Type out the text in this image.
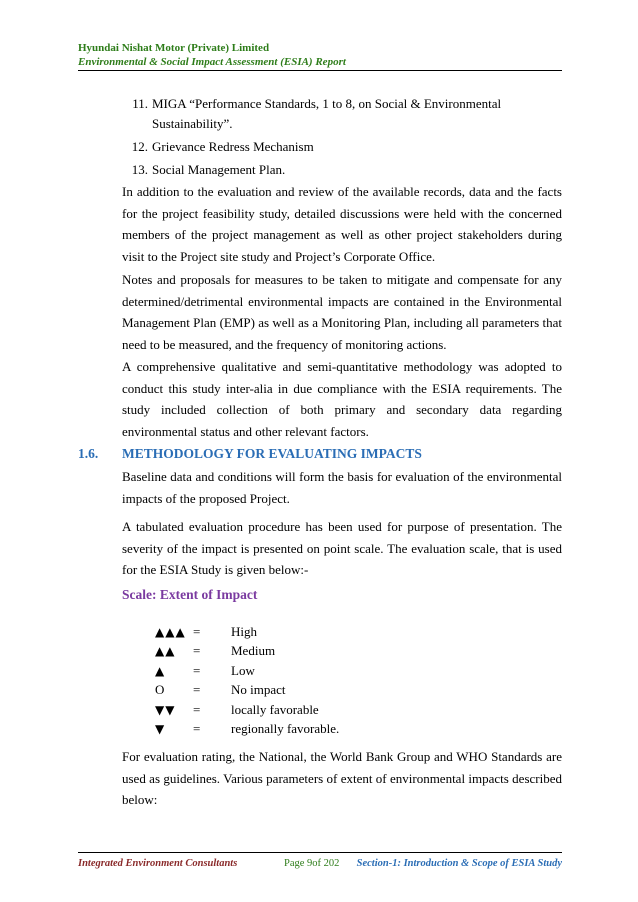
Hyundai Nishat Motor (Private) Limited
Environmental & Social Impact Assessment (ESIA) Report
11. MIGA “Performance Standards, 1 to 8, on Social & Environmental Sustainability”.
12. Grievance Redress Mechanism
13. Social Management Plan.

In addition to the evaluation and review of the available records, data and the facts for the project feasibility study, detailed discussions were held with the concerned members of the project management as well as other project stakeholders during visit to the Project site study and Project’s Corporate Office.

Notes and proposals for measures to be taken to mitigate and compensate for any determined/detrimental environmental impacts are contained in the Environmental Management Plan (EMP) as well as a Monitoring Plan, including all parameters that need to be measured, and the frequency of monitoring actions.

A comprehensive qualitative and semi-quantitative methodology was adopted to conduct this study inter-alia in due compliance with the ESIA requirements. The study included collection of both primary and secondary data regarding environmental status and other relevant factors.

1.6. METHODOLOGY FOR EVALUATING IMPACTS

Baseline data and conditions will form the basis for evaluation of the environmental impacts of the proposed Project.

A tabulated evaluation procedure has been used for purpose of presentation. The severity of the impact is presented on point scale. The evaluation scale, that is used for the ESIA Study is given below:-

Scale: Extent of Impact
▲▲▲ = High
▲▲ = Medium
▲ = Low
O = No impact
▼▼ = locally favorable
▼ = regionally favorable.

For evaluation rating, the National, the World Bank Group and WHO Standards are used as guidelines. Various parameters of extent of environmental impacts described below:

Integrated Environment Consultants	Page 9of 202 Section-1: Introduction & Scope of ESIA Study
